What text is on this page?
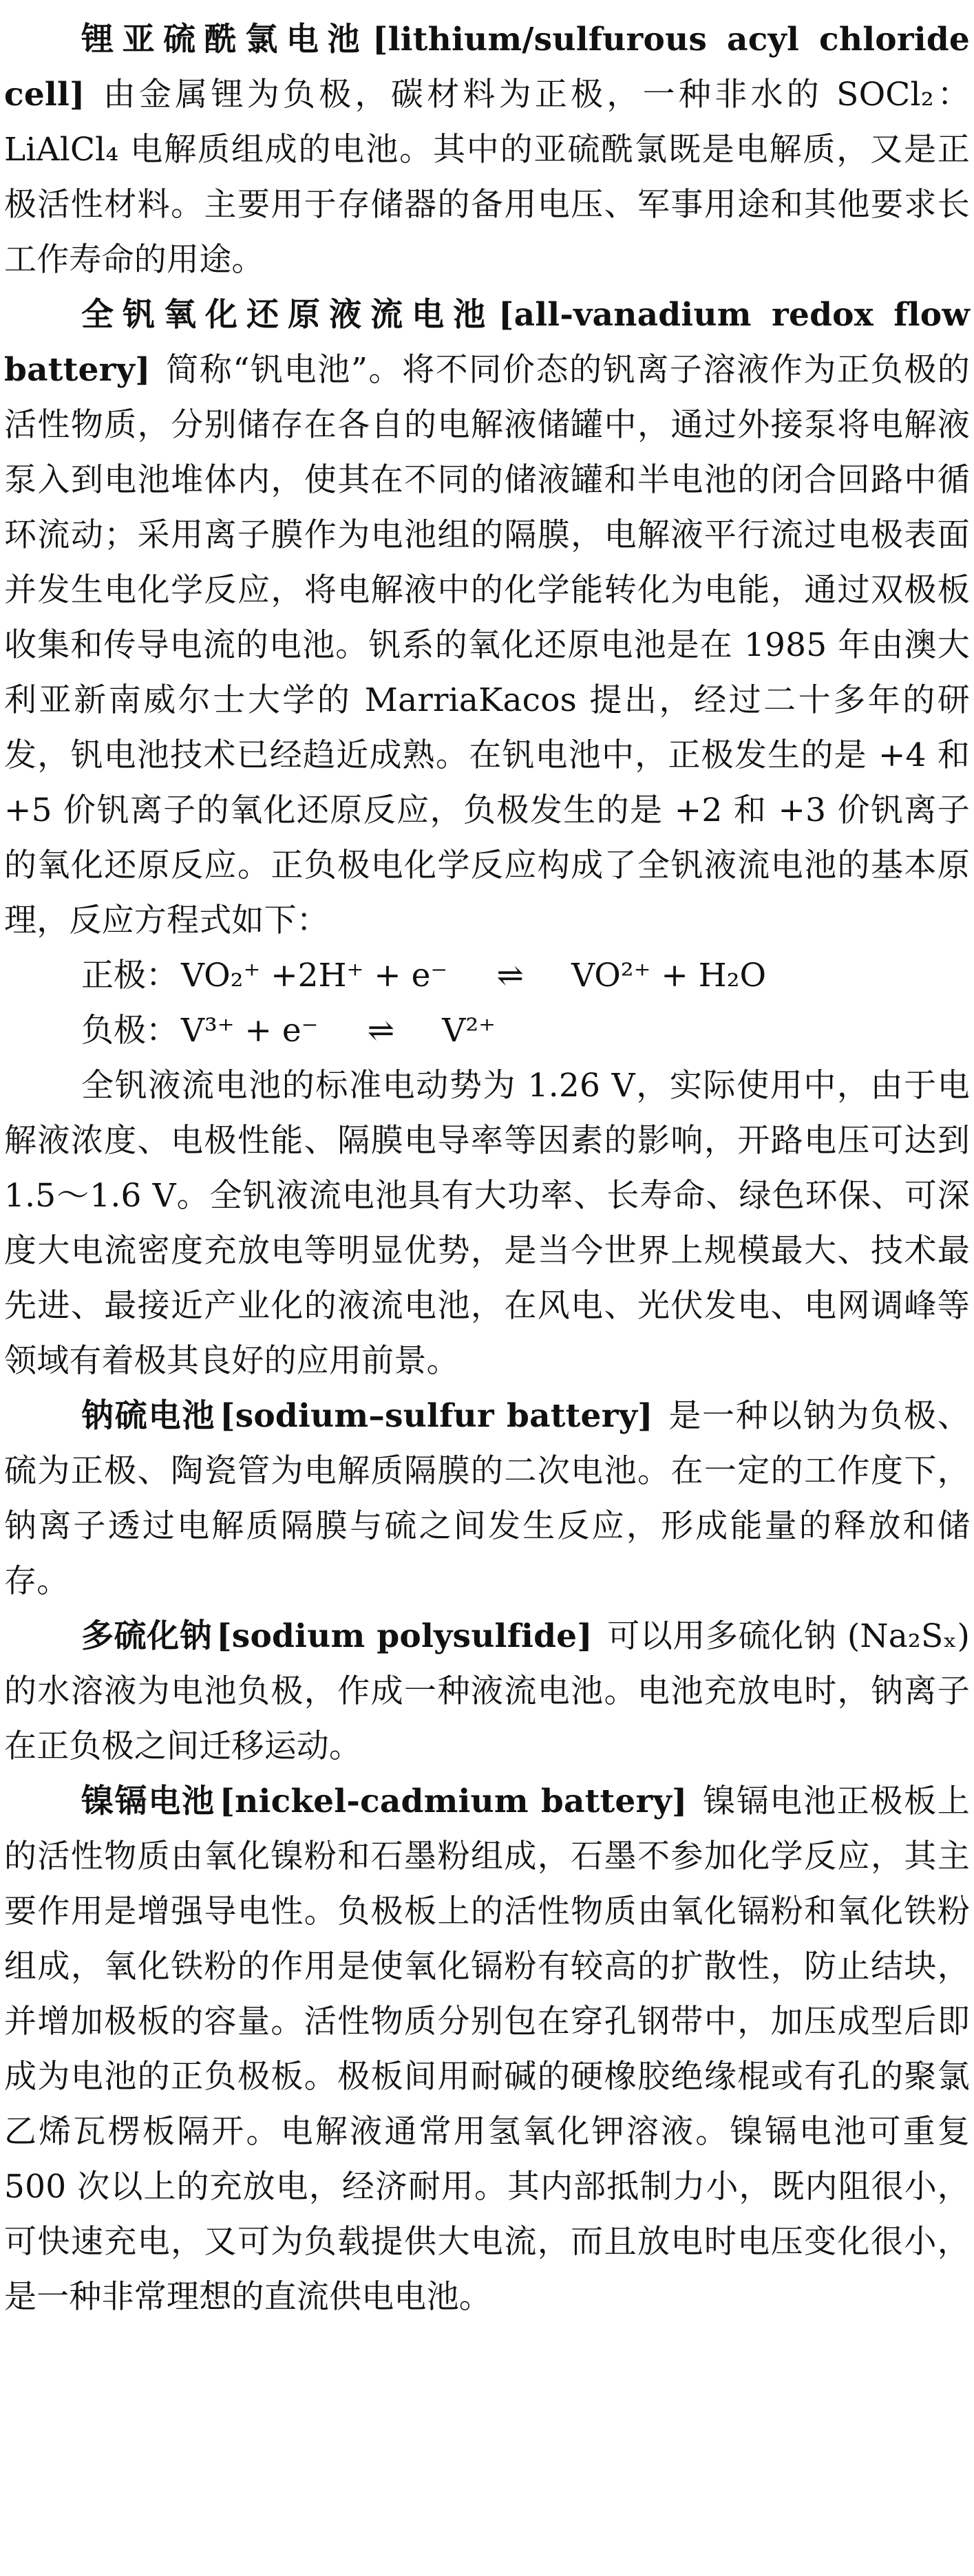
锂亚硫酰氯电池 [lithium/sulfurous acyl chloride cell] 由金属锂为负极，碳材料为正极，一种非水的 SOCl₂：LiAlCl₄ 电解质组成的电池。其中的亚硫酰氯既是电解质，又是正极活性材料。主要用于存储器的备用电压、军事用途和其他要求长工作寿命的用途。

全钒氧化还原液流电池 [all-vanadium redox flow battery] 简称“钒电池”。将不同价态的钒离子溶液作为正负极的活性物质，分别储存在各自的电解液储罐中，通过外接泵将电解液泵入到电池堆体内，使其在不同的储液罐和半电池的闭合回路中循环流动；采用离子膜作为电池组的隔膜，电解液平行流过电极表面并发生电化学反应，将电解液中的化学能转化为电能，通过双极板收集和传导电流的电池。钒系的氧化还原电池是在 1985 年由澳大利亚新南威尔士大学的 MarriaKacos 提出，经过二十多年的研发，钒电池技术已经趋近成熟。在钒电池中，正极发生的是 +4 和 +5 价钒离子的氧化还原反应，负极发生的是 +2 和 +3 价钒离子的氧化还原反应。正负极电化学反应构成了全钒液流电池的基本原理，反应方程式如下：

正极：VO₂⁺ +2H⁺ + e⁻ ⇌ VO²⁺ + H₂O
负极：V³⁺ + e⁻ ⇌ V²⁺

全钒液流电池的标准电动势为 1.26 V，实际使用中，由于电解液浓度、电极性能、隔膜电导率等因素的影响，开路电压可达到 1.5～1.6 V。全钒液流电池具有大功率、长寿命、绿色环保、可深度大电流密度充放电等明显优势，是当今世界上规模最大、技术最先进、最接近产业化的液流电池，在风电、光伏发电、电网调峰等领域有着极其良好的应用前景。

钠硫电池 [sodium–sulfur battery] 是一种以钠为负极、硫为正极、陶瓷管为电解质隔膜的二次电池。在一定的工作度下，钠离子透过电解质隔膜与硫之间发生反应，形成能量的释放和储存。

多硫化钠 [sodium polysulfide] 可以用多硫化钠 (Na₂Sₓ) 的水溶液为电池负极，作成一种液流电池。电池充放电时，钠离子在正负极之间迁移运动。

镍镉电池 [nickel-cadmium battery] 镍镉电池正极板上的活性物质由氧化镍粉和石墨粉组成，石墨不参加化学反应，其主要作用是增强导电性。负极板上的活性物质由氧化镉粉和氧化铁粉组成，氧化铁粉的作用是使氧化镉粉有较高的扩散性，防止结块，并增加极板的容量。活性物质分别包在穿孔钢带中，加压成型后即成为电池的正负极板。极板间用耐碱的硬橡胶绝缘棍或有孔的聚氯乙烯瓦楞板隔开。电解液通常用氢氧化钾溶液。镍镉电池可重复 500 次以上的充放电，经济耐用。其内部抵制力小，既内阻很小，可快速充电，又可为负载提供大电流，而且放电时电压变化很小，是一种非常理想的直流供电电池。
